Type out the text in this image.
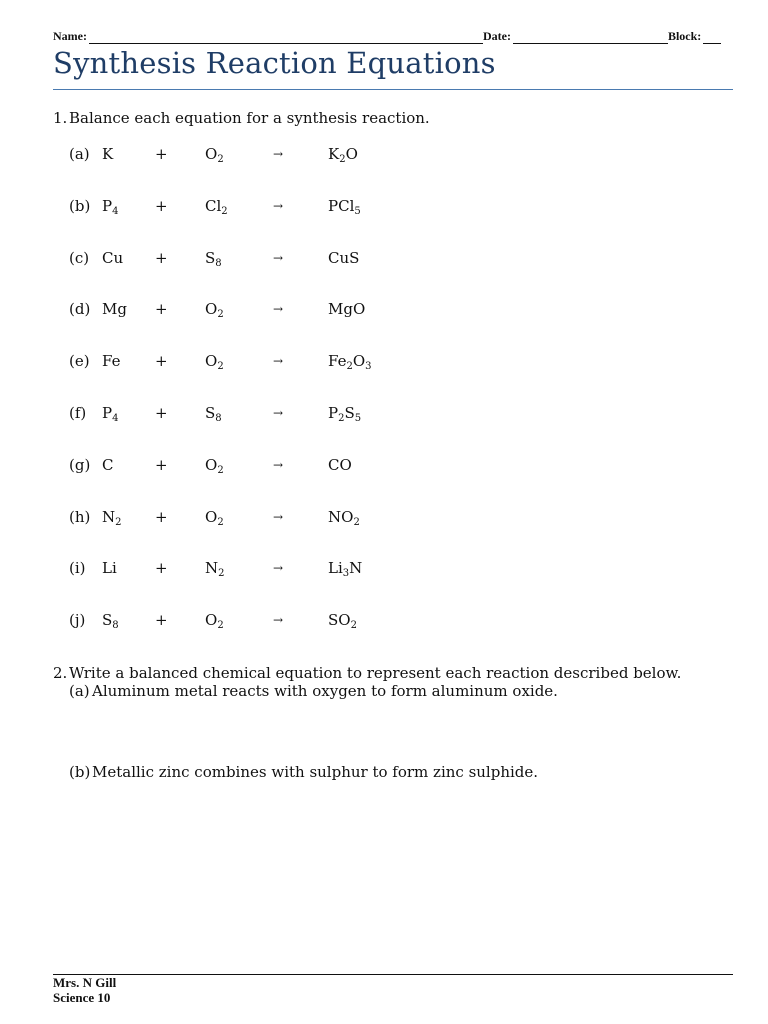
Name:	Date:	Block:
Synthesis Reaction Equations
1. Balance each equation for a synthesis reaction.
(a) K	+ $O_2$	→	$K_2O$
(b) $P_4 + Cl_2$	→	PCl$_5$
(c) $Cu + S_8$	→	CuS
(d) $Mg + O_2$	→	MgO
(e) $Fe + O_2$	→	$Fe_2O_3$
(f) $P_4 + S_8$	→	$P_2S_5$
(g) C	+ $O_2$	→	CO
(h) $N_2 + O_2$	→	$NO_2$
(i) Li	+ $N_2$	→	$Li_3N$
(j) $S_8 + O_2$	→	$SO_2$
2. Write a balanced chemical equation to represent each reaction described below.
(a) Aluminum metal reacts with oxygen to form aluminum oxide.
(b) Metallic zinc combines with sulphur to form zinc sulphide.
Mrs. N Gill
Science 10
